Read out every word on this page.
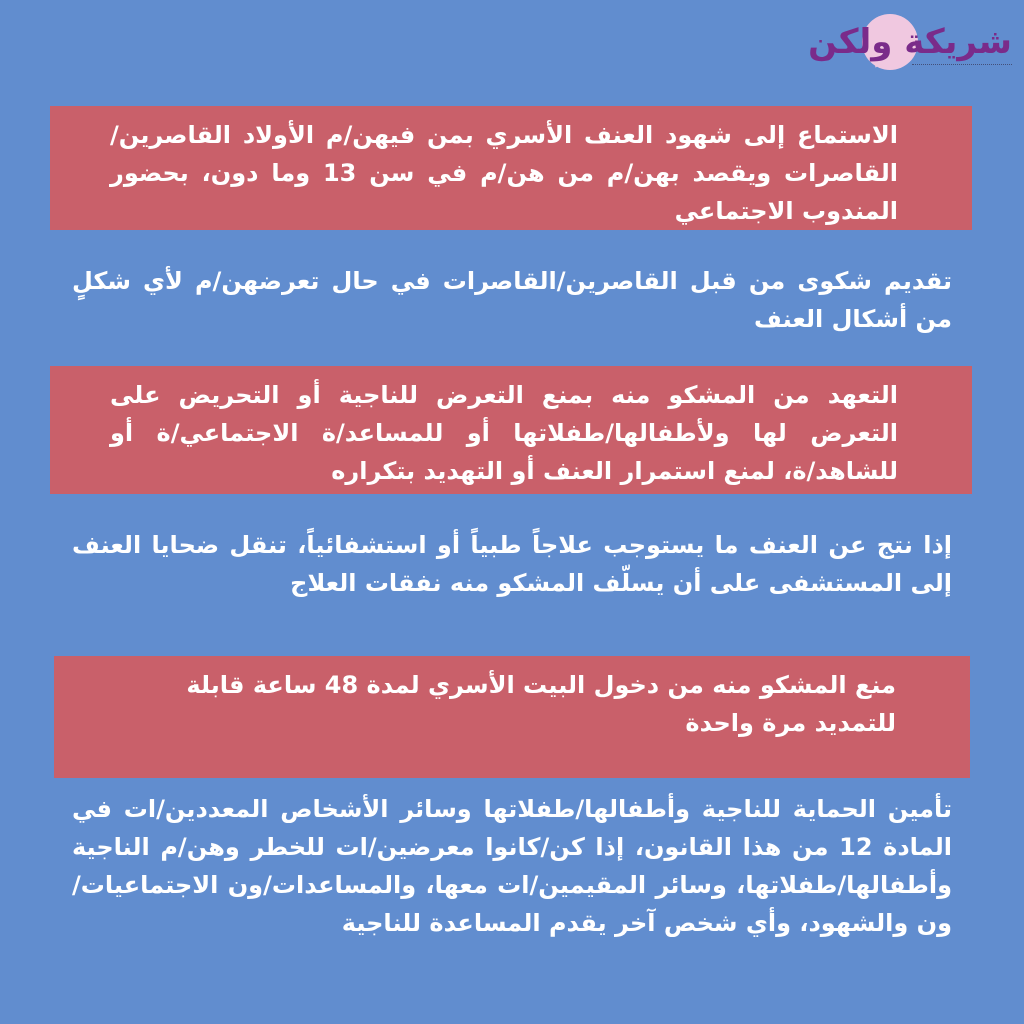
شريكة ولكن
الاستماع إلى شهود العنف الأسري بمن فيهن/م الأولاد القاصرين/القاصرات ويقصد بهن/م من هن/م في سن 13 وما دون، بحضور المندوب الاجتماعي
تقديم شكوى من قبل القاصرين/القاصرات في حال تعرضهن/م لأي شكلٍ من أشكال العنف
التعهد من المشكو منه بمنع التعرض للناجية أو التحريض على التعرض لها ولأطفالها/طفلاتها أو للمساعد/ة الاجتماعي/ة أو للشاهد/ة، لمنع استمرار العنف أو التهديد بتكراره
إذا نتج عن العنف ما يستوجب علاجاً طبياً أو استشفائياً، تنقل ضحايا العنف إلى المستشفى على أن يسلّف المشكو منه نفقات العلاج
منع المشكو منه من دخول البيت الأسري لمدة 48 ساعة قابلة للتمديد مرة واحدة
تأمين الحماية للناجية وأطفالها/طفلاتها وسائر الأشخاص المعددين/ات في المادة 12 من هذا القانون، إذا كن/كانوا معرضين/ات للخطر وهن/م الناجية وأطفالها/طفلاتها، وسائر المقيمين/ات معها، والمساعدات/ون الاجتماعيات/ون والشهود، وأي شخص آخر يقدم المساعدة للناجية
